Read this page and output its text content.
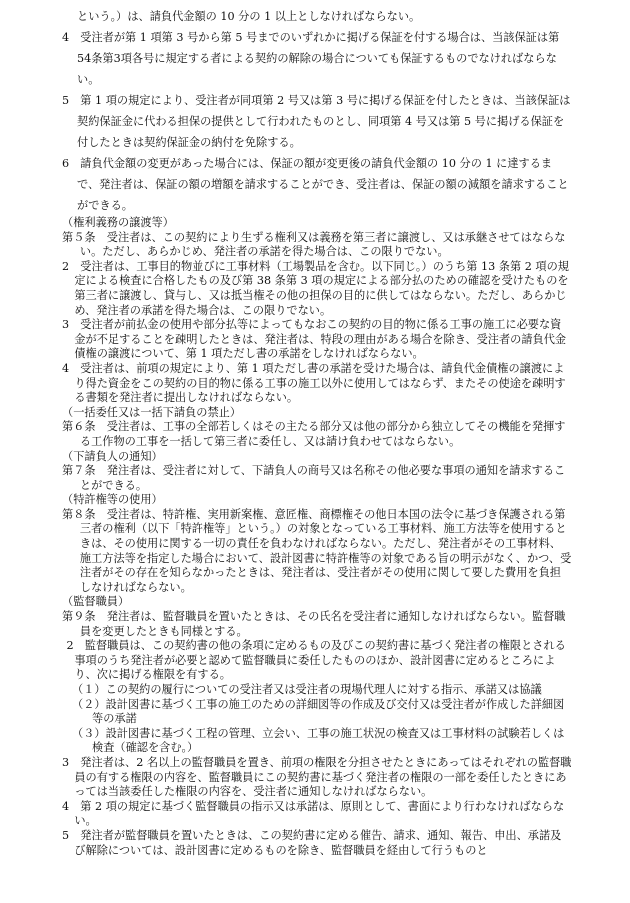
という。）は、請負代金額の 10 分の 1 以上としなければならない。

4　受注者が第 1 項第 3 号から第 5 号までのいずれかに掲げる保証を付する場合は、当該保証は第54条第3項各号に規定する者による契約の解除の場合についても保証するものでなければならない。

5　第 1 項の規定により、受注者が同項第 2 号又は第 3 号に掲げる保証を付したときは、当該保証は契約保証金に代わる担保の提供として行われたものとし、同項第 4 号又は第 5 号に掲げる保証を付したときは契約保証金の納付を免除する。

6　請負代金額の変更があった場合には、保証の額が変更後の請負代金額の 10 分の 1 に達するまで、発注者は、保証の額の増額を請求することができ、受注者は、保証の額の減額を請求することができる。

（権利義務の譲渡等）

第５条　受注者は、この契約により生ずる権利又は義務を第三者に譲渡し、又は承継させてはならない。ただし、あらかじめ、発注者の承諾を得た場合は、この限りでない。

2　受注者は、工事目的物並びに工事材料（工場製品を含む。以下同じ。）のうち第 13 条第 2 項の規定による検査に合格したもの及び第 38 条第 3 項の規定による部分払のための確認を受けたものを第三者に譲渡し、貸与し、又は抵当権その他の担保の目的に供してはならない。ただし、あらかじめ、発注者の承諾を得た場合は、この限りでない。

3　受注者が前払金の使用や部分払等によってもなおこの契約の目的物に係る工事の施工に必要な資金が不足することを疎明したときは、発注者は、特段の理由がある場合を除き、受注者の請負代金債権の譲渡について、第 1 項ただし書の承諾をしなければならない。

4　受注者は、前項の規定により、第 1 項ただし書の承諾を受けた場合は、請負代金債権の譲渡により得た資金をこの契約の目的物に係る工事の施工以外に使用してはならず、またその使途を疎明する書類を発注者に提出しなければならない。

（一括委任又は一括下請負の禁止）

第６条　受注者は、工事の全部若しくはその主たる部分又は他の部分から独立してその機能を発揮する工作物の工事を一括して第三者に委任し、又は請け負わせてはならない。

（下請負人の通知）

第７条　発注者は、受注者に対して、下請負人の商号又は名称その他必要な事項の通知を請求することができる。

（特許権等の使用）

第８条　受注者は、特許権、実用新案権、意匠権、商標権その他日本国の法令に基づき保護される第三者の権利（以下「特許権等」という。）の対象となっている工事材料、施工方法等を使用するときは、その使用に関する一切の責任を負わなければならない。ただし、発注者がその工事材料、施工方法等を指定した場合において、設計図書に特許権等の対象である旨の明示がなく、かつ、受注者がその存在を知らなかったときは、発注者は、受注者がその使用に関して要した費用を負担しなければならない。

（監督職員）

第９条　発注者は、監督職員を置いたときは、その氏名を受注者に通知しなければならない。監督職員を変更したときも同様とする。

2　監督職員は、この契約書の他の条項に定めるもの及びこの契約書に基づく発注者の権限とされる事項のうち発注者が必要と認めて監督職員に委任したもののほか、設計図書に定めるところにより、次に掲げる権限を有する。

（１）この契約の履行についての受注者又は受注者の現場代理人に対する指示、承諾又は協議

（２）設計図書に基づく工事の施工のための詳細図等の作成及び交付又は受注者が作成した詳細図等の承諾

（３）設計図書に基づく工程の管理、立会い、工事の施工状況の検査又は工事材料の試験若しくは検査（確認を含む。）

3　発注者は、2 名以上の監督職員を置き、前項の権限を分担させたときにあってはそれぞれの監督職員の有する権限の内容を、監督職員にこの契約書に基づく発注者の権限の一部を委任したときにあっては当該委任した権限の内容を、受注者に通知しなければならない。

4　第 2 項の規定に基づく監督職員の指示又は承諾は、原則として、書面により行わなければならない。

5　発注者が監督職員を置いたときは、この契約書に定める催告、請求、通知、報告、申出、承諾及び解除については、設計図書に定めるものを除き、監督職員を経由して行うものと
